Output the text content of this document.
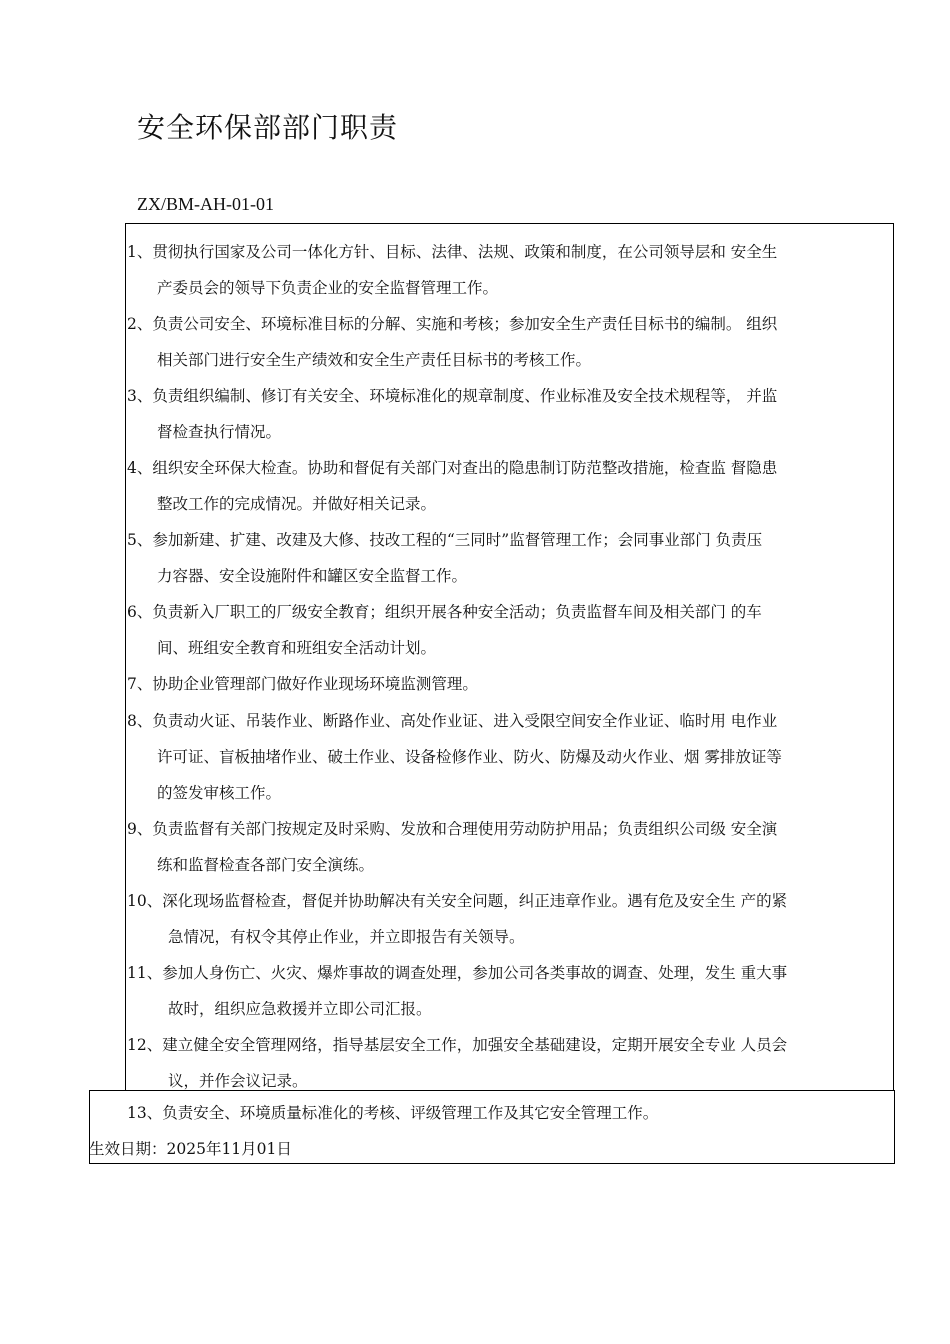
安全环保部部门职责
ZX/BM-AH-01-01
1、贯彻执行国家及公司一体化方针、目标、法律、法规、政策和制度，在公司领导层和 安全生
产委员会的领导下负责企业的安全监督管理工作。
2、负责公司安全、环境标准目标的分解、实施和考核；参加安全生产责任目标书的编制。 组织
相关部门进行安全生产绩效和安全生产责任目标书的考核工作。
3、负责组织编制、修订有关安全、环境标准化的规章制度、作业标准及安全技术规程等， 并监
督检查执行情况。
4、组织安全环保大检查。协助和督促有关部门对查出的隐患制订防范整改措施，检查监 督隐患
整改工作的完成情况。并做好相关记录。
5、参加新建、扩建、改建及大修、技改工程的“三同时”监督管理工作；会同事业部门 负责压
力容器、安全设施附件和罐区安全监督工作。
6、负责新入厂职工的厂级安全教育；组织开展各种安全活动；负责监督车间及相关部门 的车
间、班组安全教育和班组安全活动计划。
7、协助企业管理部门做好作业现场环境监测管理。
8、负责动火证、吊装作业、断路作业、高处作业证、进入受限空间安全作业证、临时用 电作业
许可证、盲板抽堵作业、破土作业、设备检修作业、防火、防爆及动火作业、烟 雾排放证等
的签发审核工作。
9、负责监督有关部门按规定及时采购、发放和合理使用劳动防护用品；负责组织公司级 安全演
练和监督检查各部门安全演练。
10、深化现场监督检查，督促并协助解决有关安全问题，纠正违章作业。遇有危及安全生 产的紧
急情况，有权令其停止作业，并立即报告有关领导。
11、参加人身伤亡、火灾、爆炸事故的调查处理，参加公司各类事故的调查、处理，发生 重大事
故时，组织应急救援并立即公司汇报。
12、建立健全安全管理网络，指导基层安全工作，加强安全基础建设，定期开展安全专业 人员会
议，并作会议记录。
13、负责安全、环境质量标准化的考核、评级管理工作及其它安全管理工作。
生效日期：2025年11月01日
